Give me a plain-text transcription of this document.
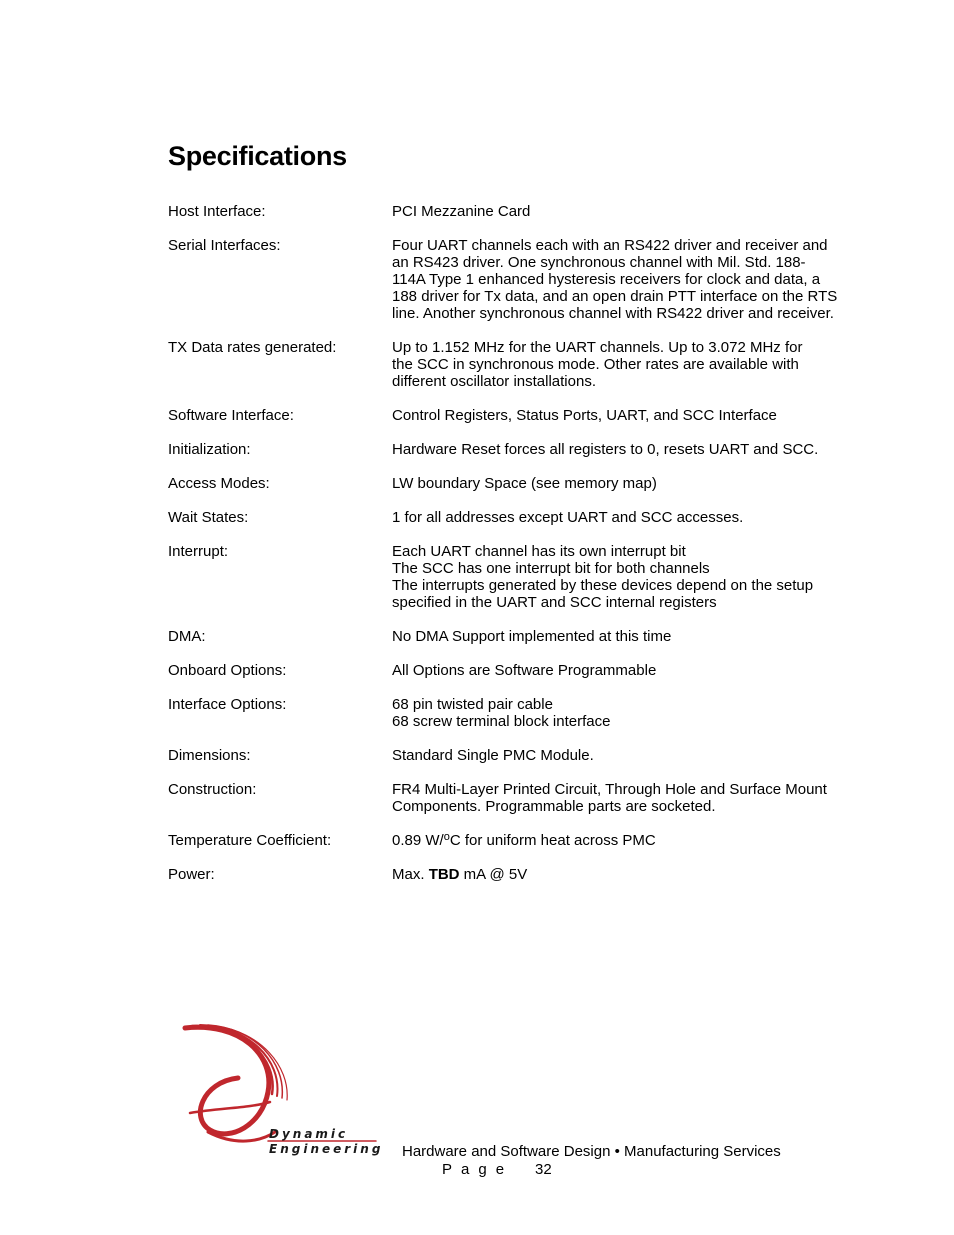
Specifications
Host Interface:	PCI Mezzanine Card
Serial Interfaces:	Four UART channels each with an RS422 driver and receiver and
an RS423 driver. One synchronous channel with Mil. Std. 188-
114A Type 1 enhanced hysteresis receivers for clock and data, a
188 driver for Tx data, and an open drain PTT interface on the RTS
line. Another synchronous channel with RS422 driver and receiver.
TX Data rates generated:	Up to 1.152 MHz for the UART channels. Up to 3.072 MHz for
the SCC in synchronous mode. Other rates are available with
different oscillator installations.
Software Interface:	Control Registers, Status Ports, UART, and SCC Interface
Initialization:	Hardware Reset forces all registers to 0, resets UART and SCC.
Access Modes:	LW boundary Space (see memory map)
Wait States:	1 for all addresses except UART and SCC accesses.
Interrupt:	Each UART channel has its own interrupt bit
The SCC has one interrupt bit for both channels
The interrupts generated by these devices depend on the setup
specified in the UART and SCC internal registers
DMA:	No DMA Support implemented at this time
Onboard Options:	All Options are Software Programmable
Interface Options:	68 pin twisted pair cable
68 screw terminal block interface
Dimensions:	Standard Single PMC Module.
Construction:	FR4 Multi-Layer Printed Circuit, Through Hole and Surface Mount
Components. Programmable parts are socketed.
Temperature Coefficient:	0.89 W/$^o$C for uniform heat across PMC
Power:	Max. TBD mA @ 5V
Dynamic
Engineering Hardware and Software Design • Manufacturing Services
Page 32
